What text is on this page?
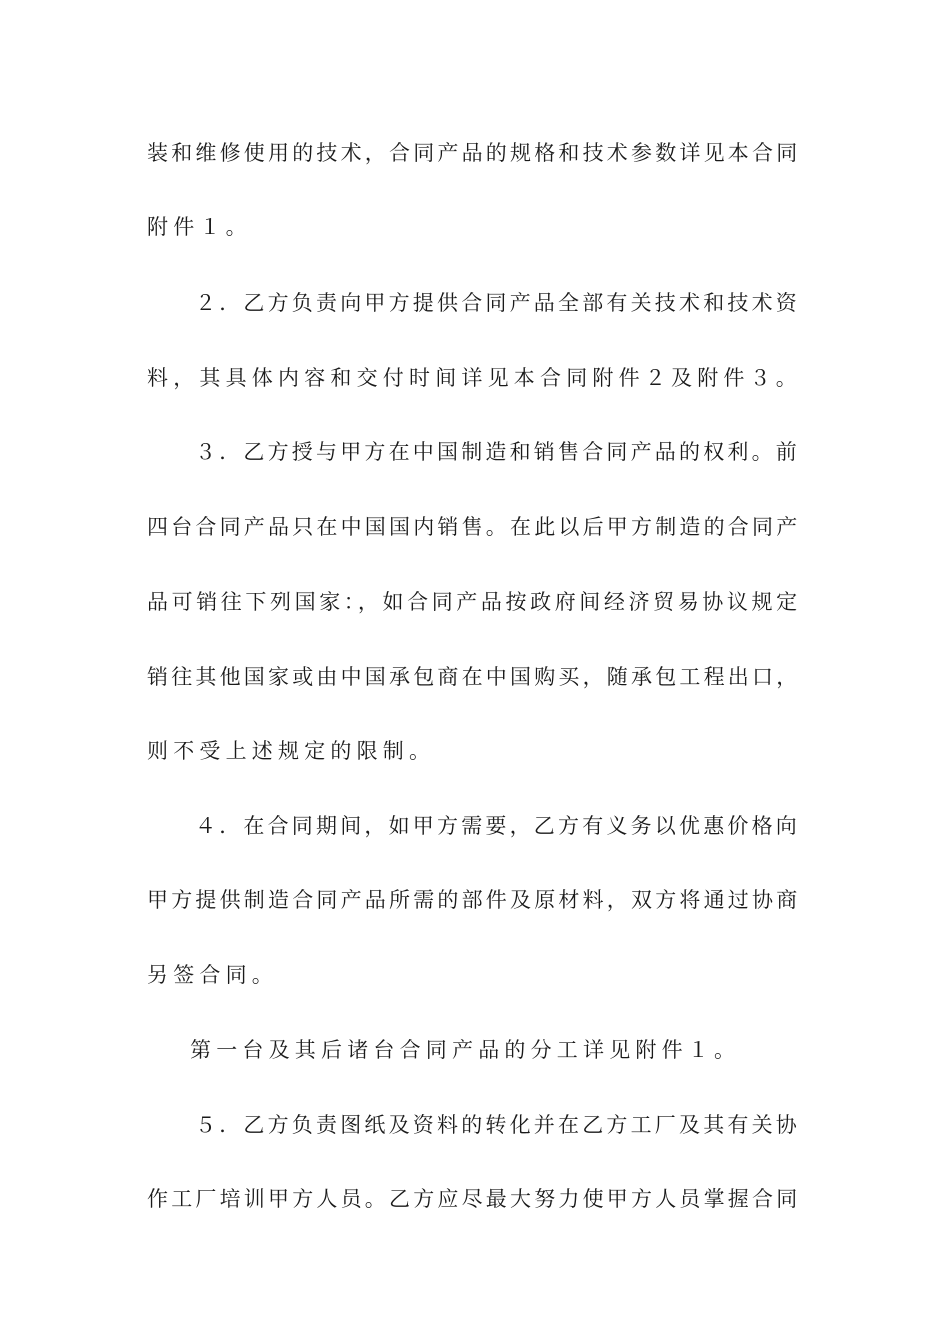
装和维修使用的技术，合同产品的规格和技术参数详见本合同
附件１。
２．乙方负责向甲方提供合同产品全部有关技术和技术资
料，其具体内容和交付时间详见本合同附件２及附件３。
３．乙方授与甲方在中国制造和销售合同产品的权利。前
四台合同产品只在中国国内销售。在此以后甲方制造的合同产
品可销往下列国家：，如合同产品按政府间经济贸易协议规定
销往其他国家或由中国承包商在中国购买，随承包工程出口，
则不受上述规定的限制。
４．在合同期间，如甲方需要，乙方有义务以优惠价格向
甲方提供制造合同产品所需的部件及原材料，双方将通过协商
另签合同。
第一台及其后诸台合同产品的分工详见附件１。
５．乙方负责图纸及资料的转化并在乙方工厂及其有关协
作工厂培训甲方人员。乙方应尽最大努力使甲方人员掌握合同
